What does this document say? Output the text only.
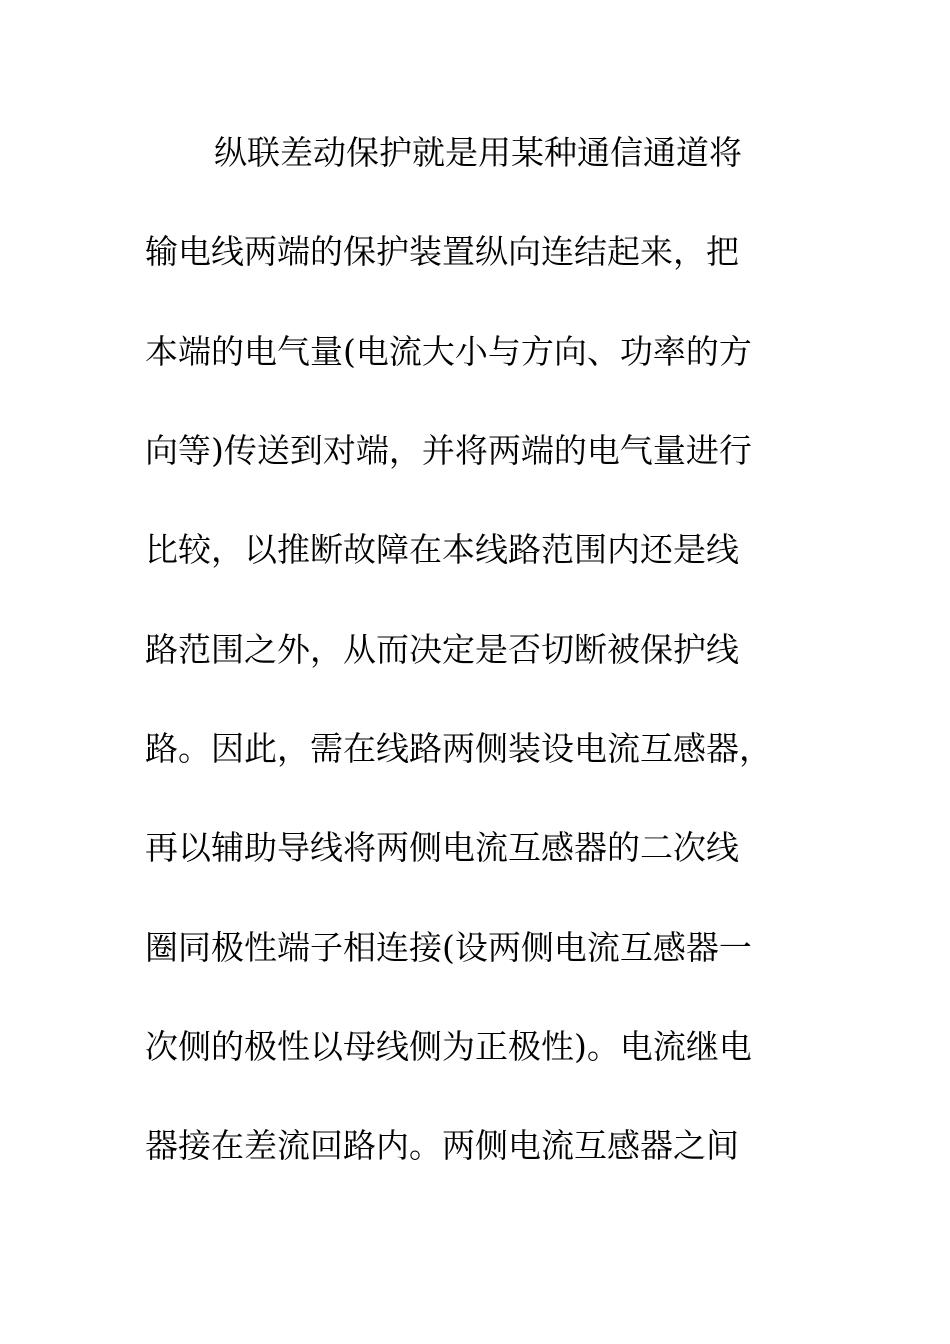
纵联差动保护就是用某种通信通道将
输电线两端的保护装置纵向连结起来，把
本端的电气量(电流大小与方向、功率的方
向等)传送到对端，并将两端的电气量进行
比较，以推断故障在本线路范围内还是线
路范围之外，从而决定是否切断被保护线
路。因此，需在线路两侧装设电流互感器，
再以辅助导线将两侧电流互感器的二次线
圈同极性端子相连接(设两侧电流互感器一
次侧的极性以母线侧为正极性)。电流继电
器接在差流回路内。两侧电流互感器之间
